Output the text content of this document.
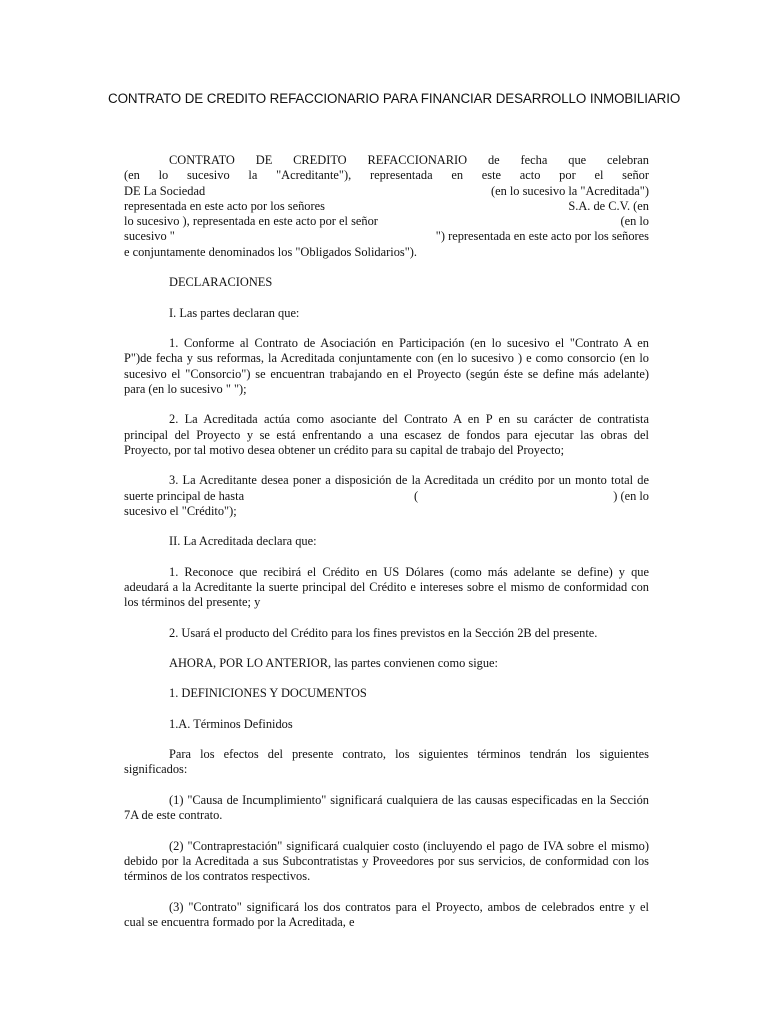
CONTRATO DE CREDITO REFACCIONARIO PARA FINANCIAR DESARROLLO INMOBILIARIO
CONTRATO DE CREDITO REFACCIONARIO de fecha que celebran
(en lo sucesivo la "Acreditante"), representada en este acto por el señor
DE La Sociedad	(en lo sucesivo la "Acreditada")
representada en este acto por los señores	S.A. de C.V. (en
lo sucesivo ), representada en este acto por el señor	(en lo
sucesivo "	") representada en este acto por los señores
e conjuntamente denominados los "Obligados Solidarios").
DECLARACIONES
I. Las partes declaran que:
1. Conforme al Contrato de Asociación en Participación (en lo sucesivo el "Contrato A en
P")de fecha y sus reformas, la Acreditada conjuntamente con (en lo sucesivo ) e como consorcio (en lo
sucesivo el "Consorcio") se encuentran trabajando en el Proyecto (según éste se define más adelante)
para (en lo sucesivo " ");
2. La Acreditada actúa como asociante del Contrato A en P en su carácter de contratista
principal del Proyecto y se está enfrentando a una escasez de fondos para ejecutar las obras del
Proyecto, por tal motivo desea obtener un crédito para su capital de trabajo del Proyecto;
3. La Acreditante desea poner a disposición de la Acreditada un crédito por un monto total de
suerte principal de hasta	(	) (en lo
sucesivo el "Crédito");
II. La Acreditada declara que:
1. Reconoce que recibirá el Crédito en US Dólares (como más adelante se define) y que
adeudará a la Acreditante la suerte principal del Crédito e intereses sobre el mismo de conformidad con
los términos del presente; y
2. Usará el producto del Crédito para los fines previstos en la Sección 2B del presente.
AHORA, POR LO ANTERIOR, las partes convienen como sigue:
1. DEFINICIONES Y DOCUMENTOS
1.A. Términos Definidos
Para los efectos del presente contrato, los siguientes términos tendrán los siguientes
significados:
(1) "Causa de Incumplimiento" significará cualquiera de las causas especificadas en la Sección
7A de este contrato.
(2) "Contraprestación" significará cualquier costo (incluyendo el pago de IVA sobre el mismo)
debido por la Acreditada a sus Subcontratistas y Proveedores por sus servicios, de conformidad con los
términos de los contratos respectivos.
(3) "Contrato" significará los dos contratos para el Proyecto, ambos de celebrados entre y el
cual se encuentra formado por la Acreditada, e
